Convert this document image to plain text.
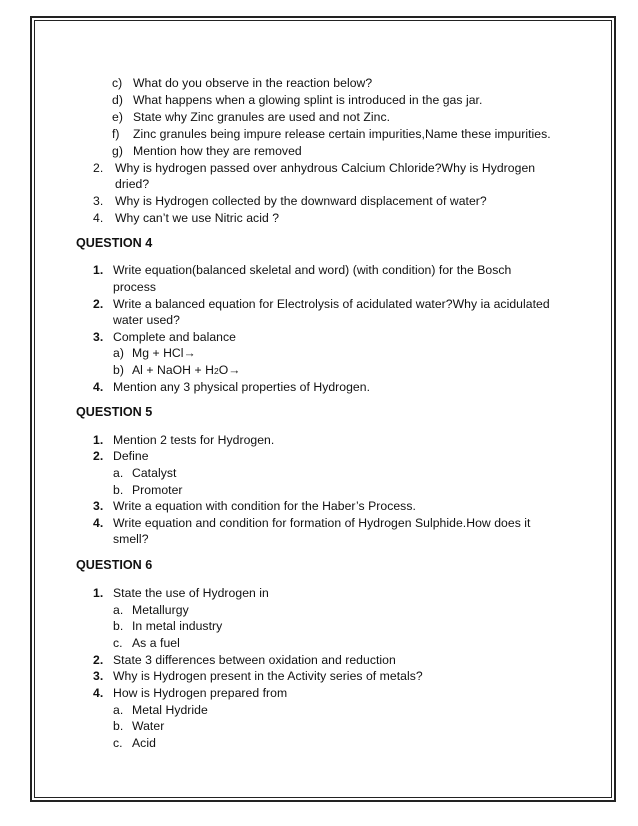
c) What do you observe in the reaction below?
d) What happens when a glowing splint is introduced in the gas jar.
e) State why Zinc granules are used and not Zinc.
f) Zinc granules being impure release certain impurities,Name these impurities.
g) Mention how they are removed
2. Why is hydrogen passed over anhydrous Calcium Chloride?Why is Hydrogen
dried?
3. Why is Hydrogen collected by the downward displacement of water?
4. Why can’t we use Nitric acid ?
QUESTION 4
1. Write equation(balanced skeletal and word) (with condition) for the Bosch
process
2. Write a balanced equation for Electrolysis of acidulated water?Why ia acidulated
water used?
3. Complete and balance
a) Mg + HCl→
b) Al + NaOH + H2O→
4. Mention any 3 physical properties of Hydrogen.
QUESTION 5
1. Mention 2 tests for Hydrogen.
2. Define
a. Catalyst
b. Promoter
3. Write a equation with condition for the Haber’s Process.
4. Write equation and condition for formation of Hydrogen Sulphide.How does it
smell?
QUESTION 6
1. State the use of Hydrogen in
a. Metallurgy
b. In metal industry
c. As a fuel
2. State 3 differences between oxidation and reduction
3. Why is Hydrogen present in the Activity series of metals?
4. How is Hydrogen prepared from
a. Metal Hydride
b. Water
c. Acid
